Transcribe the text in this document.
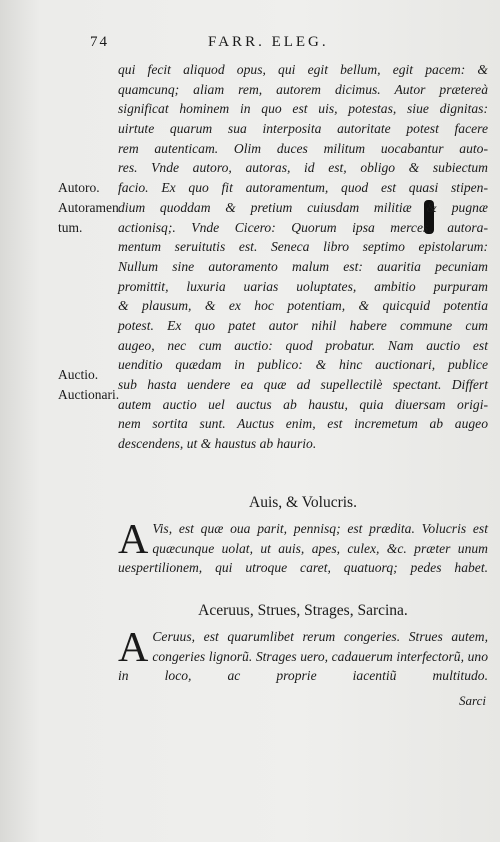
74	FARR. ELEG.
qui fecit aliquod opus, qui egit bellum, egit pacem: &
quamcunq; aliam rem, autorem dicimus. Autor prætereà
significat hominem in quo est uis, potestas, siue dignitas:
uirtute quarum sua interposita autoritate potest facere
rem autenticam. Olim duces militum uocabantur auto-
res. Vnde autoro, autoras, id est, obligo & subiectum
facio. Ex quo fit autoramentum, quod est quasi stipen-
dium quoddam & pretium cuiusdam militiæ & pugnæ
actionisq;. Vnde Cicero: Quorum ipsa merces, autora-
mentum seruitutis est. Seneca libro septimo epistolarum:
Nullum sine autoramento malum est: auaritia pecuniam
promittit, luxuria uarias uoluptates, ambitio purpuram
& plausum, & ex hoc potentiam, & quicquid potentia
potest. Ex quo patet autor nihil habere commune cum
augeo, nec cum auctio: quod probatur. Nam auctio est
uenditio quædam in publico: & hinc auctionari, publice
sub hasta uendere ea quæ ad supellectilè spectant. Differt
autem auctio uel auctus ab haustu, quia diuersam origi-
nem sortita sunt. Auctus enim, est incremetum ab augeo
descendens, ut & haustus ab haurio.
Autoro.
Autoramen
tum.
Auctio.
Auctionari.
Auis, & Volucris.
A Vis, est quæ oua parit, pennisq; est prædita. Volucris est quæcunque uolat, ut auis, apes, culex, &c. præter unum uespertilionem, qui utroque caret, quatuorq; pedes habet.
Aceruus, Strues, Strages, Sarcina.
A Ceruus, est quarumlibet rerum congeries. Strues autem, congeries lignorũ. Strages uero, cadauerum interfectorũ, uno in loco, ac proprie iacentiũ multitudo.
Sarci
